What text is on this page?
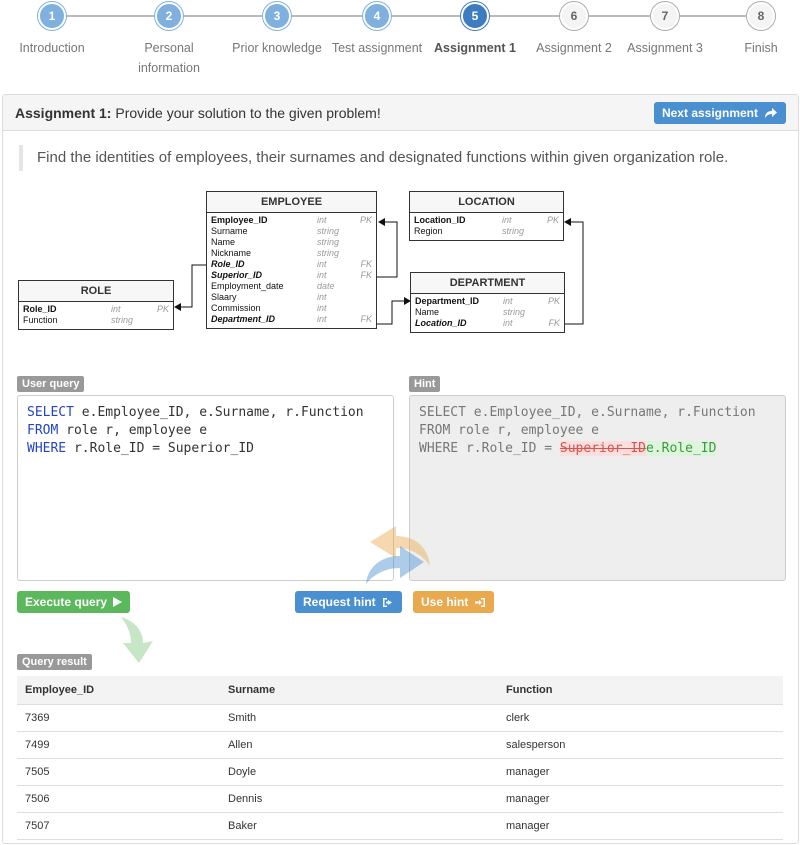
1
Introduction
2
Personal information
3
Prior knowledge
4
Test assignment
5
Assignment 1
6
Assignment 2
7
Assignment 3
8
Finish
Assignment 1: Provide your solution to the given problem!	Next assignment
Find the identities of employees, their surnames and designated functions within given organization role.
EMPLOYEE
Employee_ID	int	PK
Surname	string
Name	string
Nickname	string
Role_ID	int	FK
Superior_ID	int	FK
Employment_date	date
Slaary	int
Commission	int
Department_ID	int	FK
LOCATION
Location_ID	int	PK
Region	string
DEPARTMENT
Department_ID	int	PK
Name	string
Location_ID	int	FK
ROLE
Role_ID	int	PK
Function	string
User query
SELECT e.Employee_ID, e.Surname, r.Function
FROM role r, employee e
WHERE r.Role_ID = Superior_ID
Hint
SELECT e.Employee_ID, e.Surname, r.Function
FROM role r, employee e
WHERE r.Role_ID = Superior_IDe.Role_ID
Execute query	Request hint	Use hint
Query result
Employee_ID	Surname	Function
7369	Smith	clerk
7499	Allen	salesperson
7505	Doyle	manager
7506	Dennis	manager
7507	Baker	manager
